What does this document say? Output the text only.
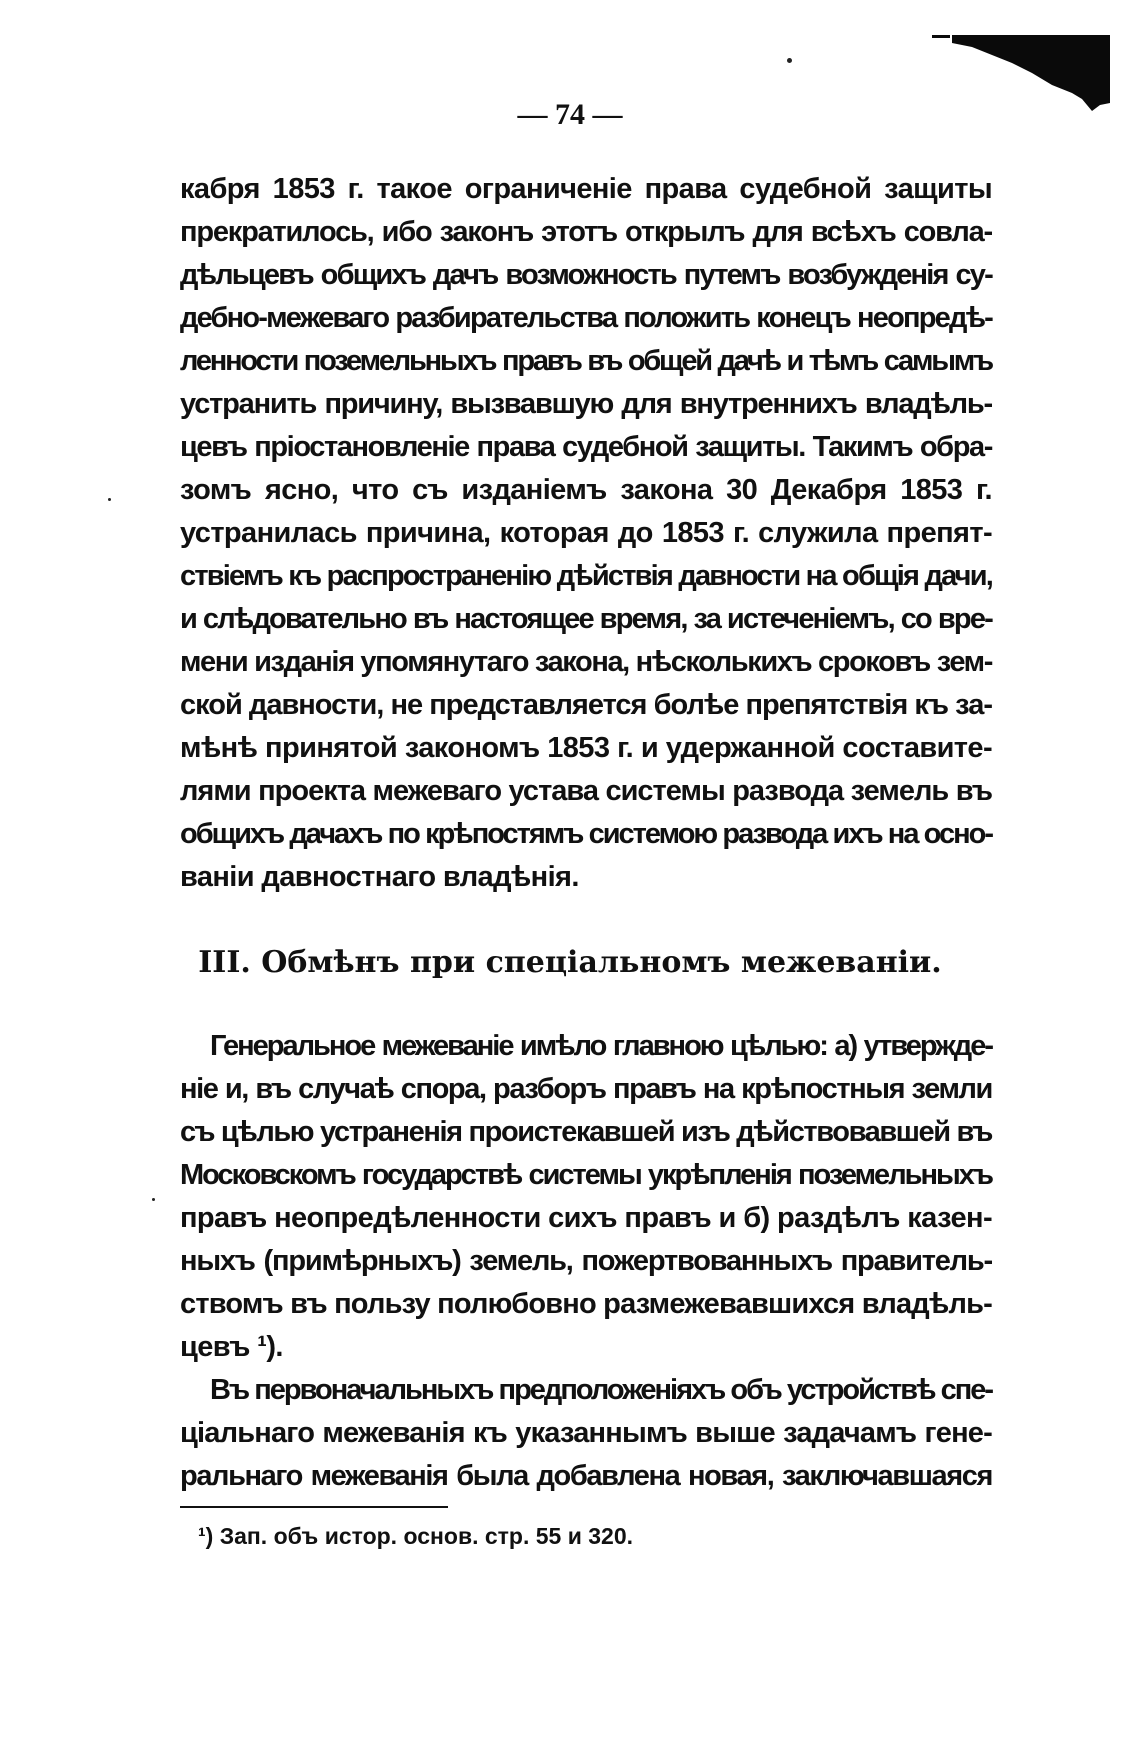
— 74 —
кабря 1853 г. такое ограниченіе права судебной защиты
прекратилось, ибо законъ этотъ открылъ для всѣхъ совла-
дѣльцевъ общихъ дачъ возможность путемъ возбужденія су-
дебно-межеваго разбирательства положить конецъ неопредѣ-
ленности поземельныхъ правъ въ общей дачѣ и тѣмъ самымъ
устранить причину, вызвавшую для внутреннихъ владѣль-
цевъ пріостановленіе права судебной защиты. Такимъ обра-
зомъ ясно, что съ изданіемъ закона 30 Декабря 1853 г.
устранилась причина, которая до 1853 г. служила препят-
ствіемъ къ распространенію дѣйствія давности на общія дачи,
и слѣдовательно въ настоящее время, за истеченіемъ, со вре-
мени изданія упомянутаго закона, нѣсколькихъ сроковъ зем-
ской давности, не представляется болѣе препятствія къ за-
мѣнѣ принятой закономъ 1853 г. и удержанной составите-
лями проекта межеваго устава системы развода земель въ
общихъ дачахъ по крѣпостямъ системою развода ихъ на осно-
ваніи давностнаго владѣнія.
III. Обмѣнъ при спеціальномъ межеваніи.
Генеральное межеваніе имѣло главною цѣлью: а) утвержде-
ніе и, въ случаѣ спора, разборъ правъ на крѣпостныя земли
съ цѣлью устраненія проистекавшей изъ дѣйствовавшей въ
Московскомъ государствѣ системы укрѣпленія поземельныхъ
правъ неопредѣленности сихъ правъ и б) раздѣлъ казен-
ныхъ (примѣрныхъ) земель, пожертвованныхъ правитель-
ствомъ въ пользу полюбовно размежевавшихся владѣль-
цевъ ¹).
Въ первоначальныхъ предположеніяхъ объ устройствѣ спе-
ціальнаго межеванія къ указаннымъ выше задачамъ гене-
ральнаго межеванія была добавлена новая, заключавшаяся
¹) Зап. объ истор. основ. стр. 55 и 320.
